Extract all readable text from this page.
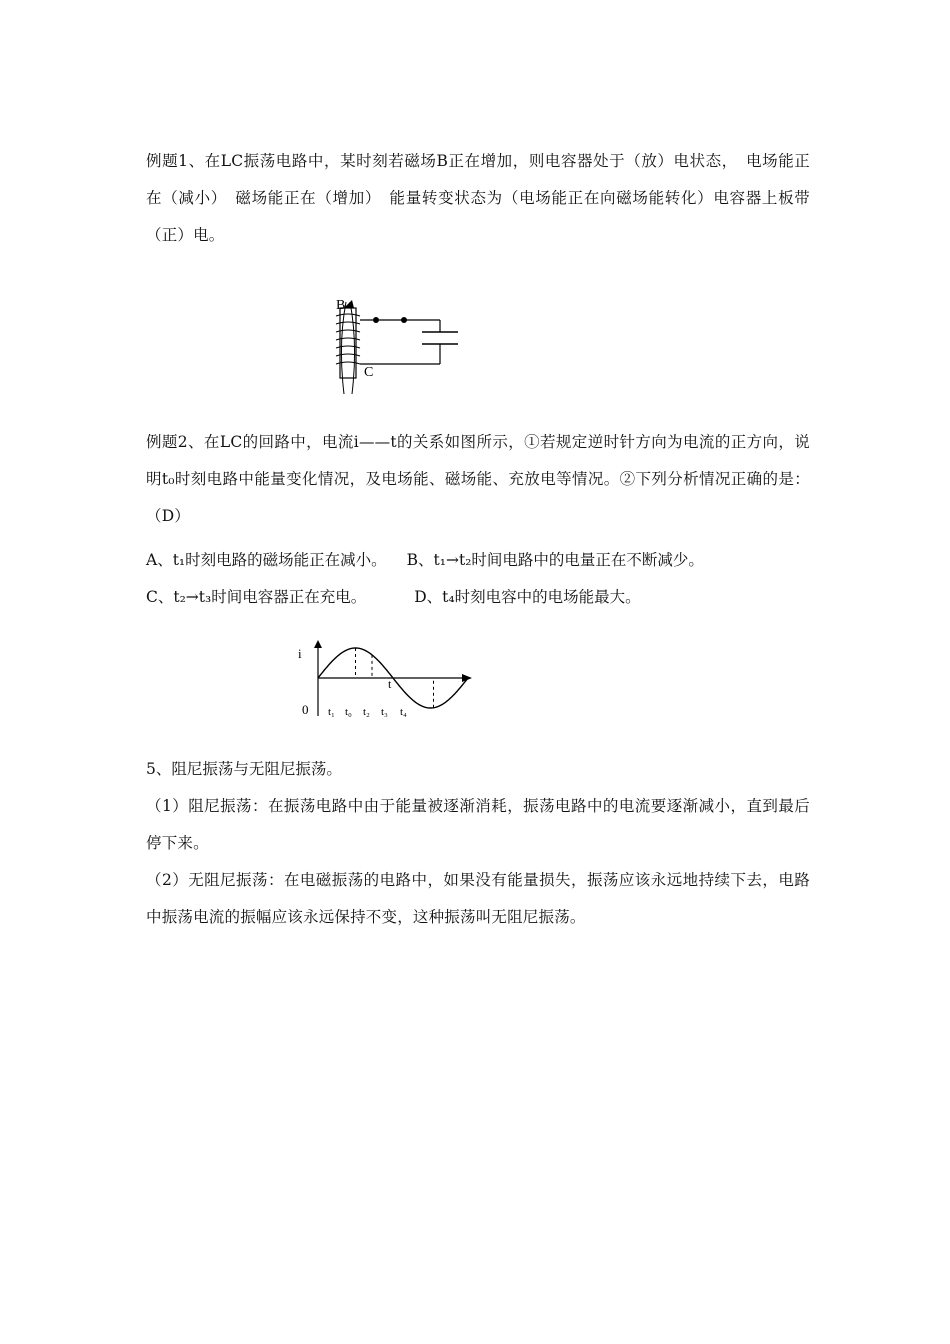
例题1、在LC振荡电路中，某时刻若磁场B正在增加，则电容器处于（放）电状态，　电场能正在（减小）　磁场能正在（增加）　能量转变状态为（电场能正在向磁场能转化）电容器上板带（正）电。

B
C

例题2、在LC的回路中，电流i——t的关系如图所示，①若规定逆时针方向为电流的正方向，说明t₀时刻电路中能量变化情况，及电场能、磁场能、充放电等情况。②下列分析情况正确的是：（D）

A、t₁时刻电路的磁场能正在减小。 B、t₁→t₂时间电路中的电量正在不断减少。
C、t₂→t₃时间电容器正在充电。	D、t₄时刻电容中的电场能最大。
i
t
0 t₁ t₀ t₂ t₃ t₄

5、阻尼振荡与无阻尼振荡。

（1）阻尼振荡：在振荡电路中由于能量被逐渐消耗，振荡电路中的电流要逐渐减小，直到最后停下来。

（2）无阻尼振荡：在电磁振荡的电路中，如果没有能量损失，振荡应该永远地持续下去，电路中振荡电流的振幅应该永远保持不变，这种振荡叫无阻尼振荡。
